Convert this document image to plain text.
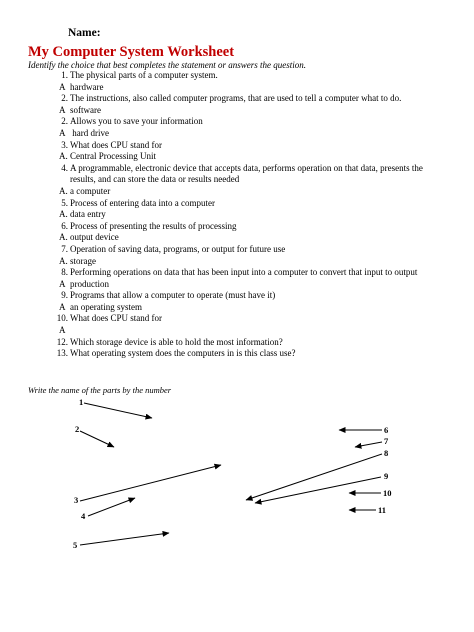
Name:
My Computer System Worksheet
Identify the choice that best completes the statement or answers the question.
1. The physical parts of a computer system.
A hardware
2. The instructions, also called computer programs, that are used to tell a computer what to do.
A software
2. Allows you to save your information
A hard drive
3. What does CPU stand for
A. Central Processing Unit
4. A programmable, electronic device that accepts data, performs operation on that data, presents the results, and can store the data or results needed
A. a computer
5. Process of entering data into a computer
A. data entry
6. Process of presenting the results of processing
A. output device
7. Operation of saving data, programs, or output for future use
A. storage
8. Performing operations on data that has been input into a computer to convert that input to output
A production
9. Programs that allow a computer to operate (must have it)
A an operating system
10. What does CPU stand for
A
12. Which storage device is able to hold the most information?
13. What operating system does the computers in is this class use?
Write the name of the parts by the number
1
2
3
4
5
6
7
8
9
10
11
